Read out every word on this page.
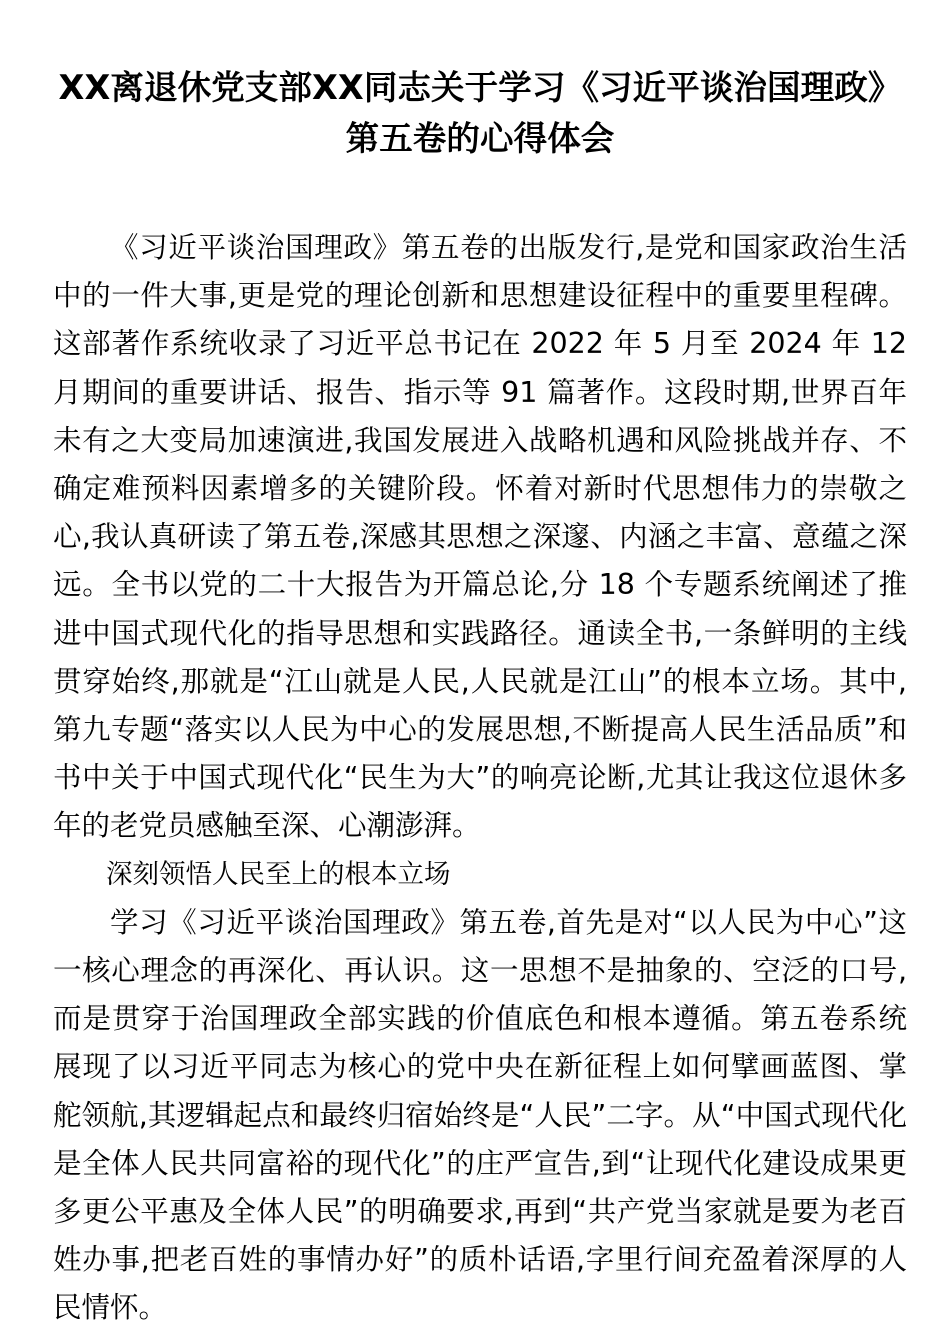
XX离退休党支部XX同志关于学习《习近平谈治国理政》第五卷的心得体会

《习近平谈治国理政》第五卷的出版发行,是党和国家政治生活中的一件大事,更是党的理论创新和思想建设征程中的重要里程碑。这部著作系统收录了习近平总书记在 2022 年 5 月至 2024 年 12 月期间的重要讲话、报告、指示等 91 篇著作。这段时期,世界百年未有之大变局加速演进,我国发展进入战略机遇和风险挑战并存、不确定难预料因素增多的关键阶段。怀着对新时代思想伟力的崇敬之心,我认真研读了第五卷,深感其思想之深邃、内涵之丰富、意蕴之深远。全书以党的二十大报告为开篇总论,分 18 个专题系统阐述了推进中国式现代化的指导思想和实践路径。通读全书,一条鲜明的主线贯穿始终,那就是“江山就是人民,人民就是江山”的根本立场。其中,第九专题“落实以人民为中心的发展思想,不断提高人民生活品质”和书中关于中国式现代化“民生为大”的响亮论断,尤其让我这位退休多年的老党员感触至深、心潮澎湃。

深刻领悟人民至上的根本立场

学习《习近平谈治国理政》第五卷,首先是对“以人民为中心”这一核心理念的再深化、再认识。这一思想不是抽象的、空泛的口号,而是贯穿于治国理政全部实践的价值底色和根本遵循。第五卷系统展现了以习近平同志为核心的党中央在新征程上如何擘画蓝图、掌舵领航,其逻辑起点和最终归宿始终是“人民”二字。从“中国式现代化是全体人民共同富裕的现代化”的庄严宣告,到“让现代化建设成果更多更公平惠及全体人民”的明确要求,再到“共产党当家就是要为老百姓办事,把老百姓的事情办好”的质朴话语,字里行间充盈着深厚的人民情怀。
